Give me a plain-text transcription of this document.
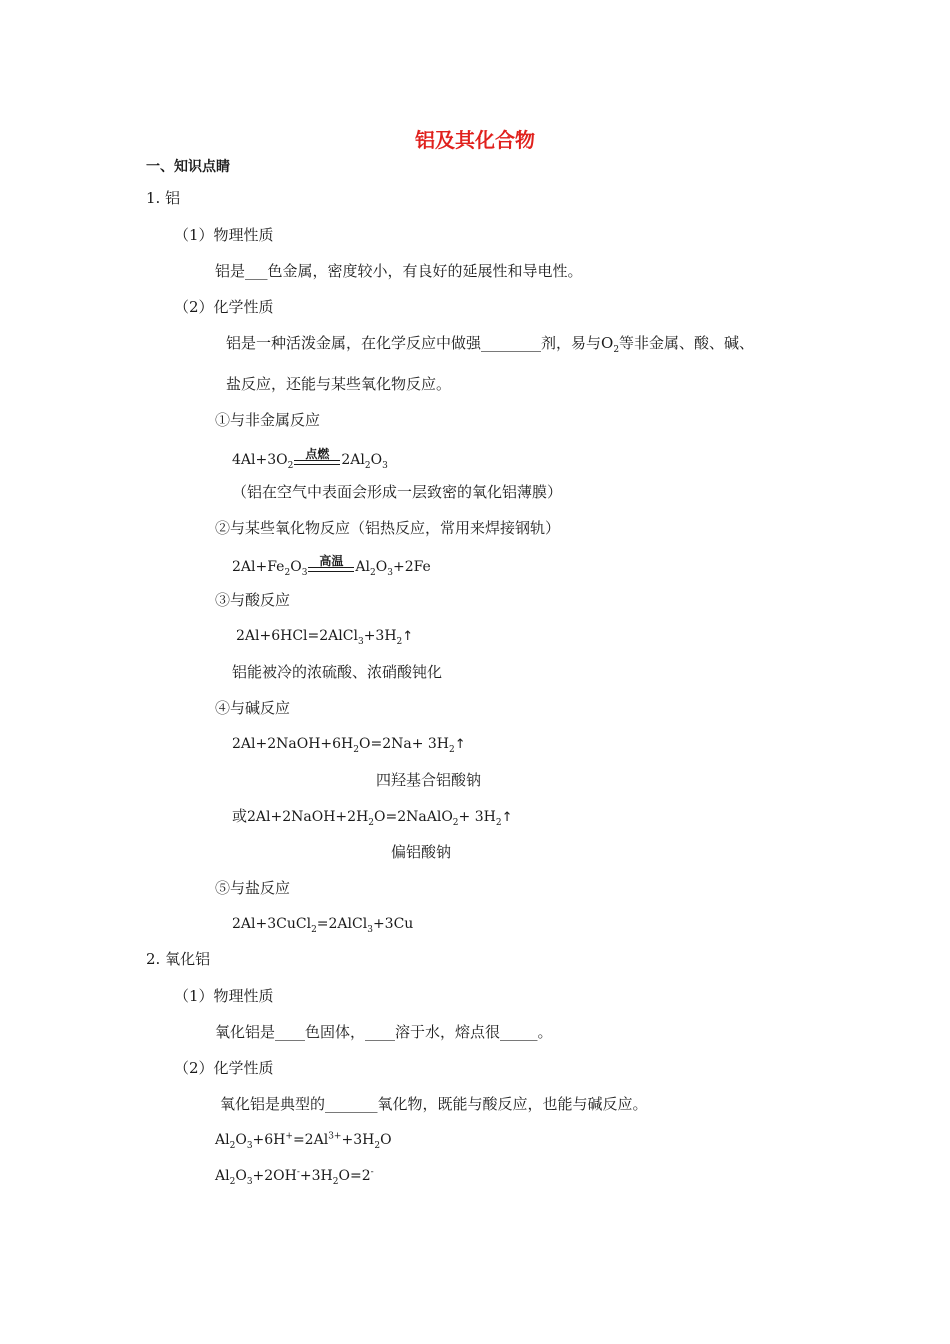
铝及其化合物
一、知识点睛
1. 铝
（1）物理性质
铝是___色金属，密度较小，有良好的延展性和导电性。
（2）化学性质
铝是一种活泼金属，在化学反应中做强________剂，易与$O_2$等非金属、酸、碱、
盐反应，还能与某些氧化物反应。
①与非金属反应
$4Al+3O_2$
点燃 $2Al_2O_3$
（铝在空气中表面会形成一层致密的氧化铝薄膜）
②与某些氧化物反应（铝热反应，常用来焊接钢轨）
$2Al+Fe_2O_3$
高温 $Al_2O_3+2Fe$
③与酸反应
$2Al+6HCl=2AlCl_3+3H_2↑$
铝能被冷的浓硫酸、浓硝酸钝化
④与碱反应
$2Al+2NaOH+6H_2O=2Na+$ $3H_2↑$
四羟基合铝酸钠
或$2Al+2NaOH+2H_2O=2NaAlO_2+$ $3H_2↑$
偏铝酸钠
⑤与盐反应
2Al+3CuCl$_2$=2AlCl$_3$+3Cu
2. 氧化铝
（1）物理性质
氧化铝是____色固体，____溶于水，熔点很_____。
（2）化学性质
氧化铝是典型的_______氧化物，既能与酸反应，也能与碱反应。
$Al_2O_3+6H^+=2Al^{3+}+3H_2O$
$Al_2O_3+2OH^-+3H_2O=2^-$
